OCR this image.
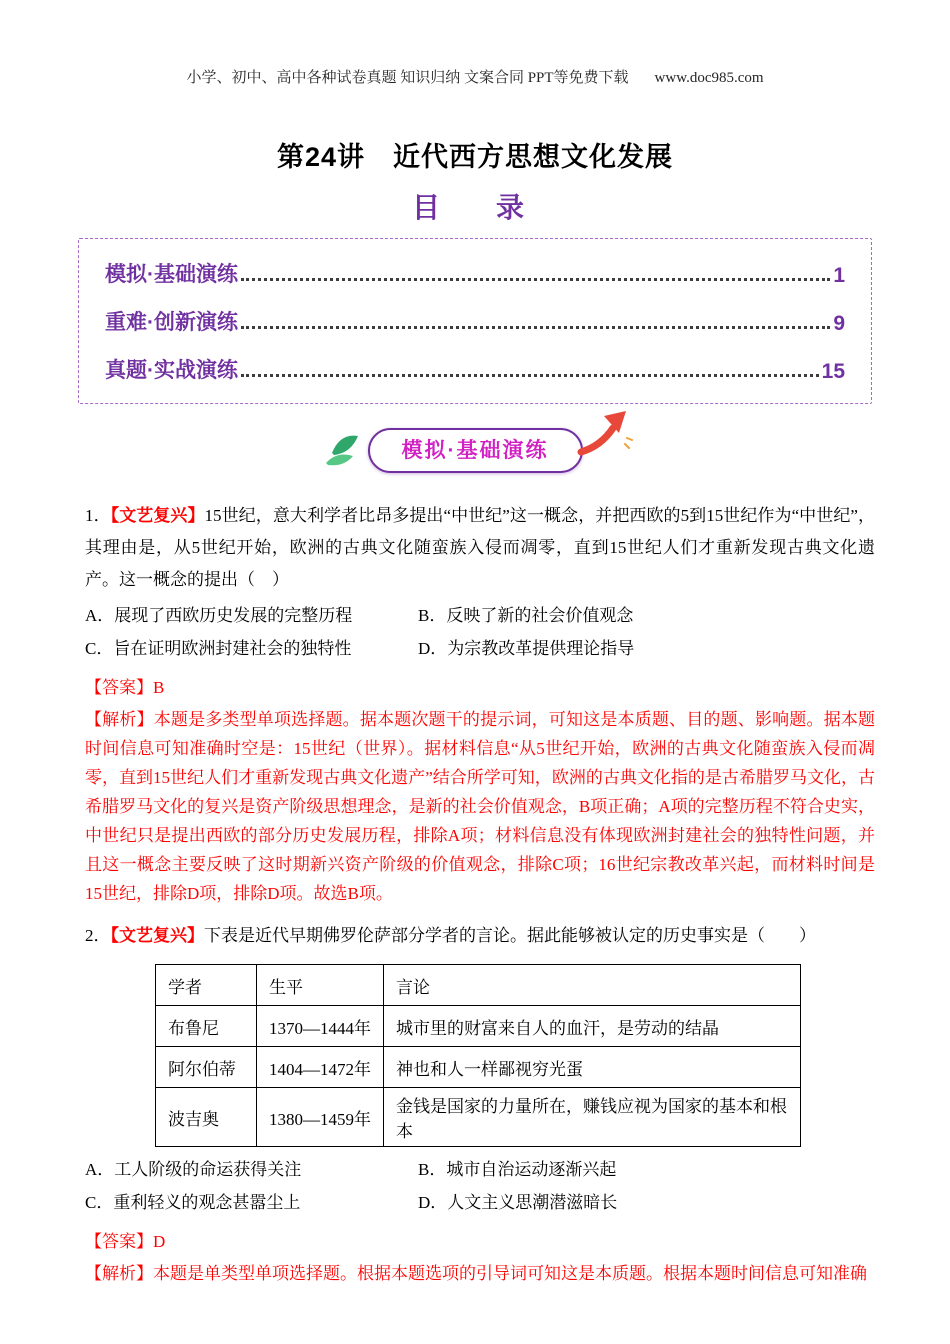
小学、初中、高中各种试卷真题 知识归纳 文案合同 PPT等免费下载 www.doc985.com
第24讲　近代西方思想文化发展
目　录
模拟·基础演练	1
重难·创新演练	9
真题·实战演练	15
模拟·基础演练

1．【文艺复兴】15世纪，意大利学者比昂多提出“中世纪”这一概念，并把西欧的5到15世纪作为“中世纪”，其理由是，从5世纪开始，欧洲的古典文化随蛮族入侵而凋零，直到15世纪人们才重新发现古典文化遗产。这一概念的提出（　）

A．展现了西欧历史发展的完整历程	B．反映了新的社会价值观念
C．旨在证明欧洲封建社会的独特性	D．为宗教改革提供理论指导

【答案】B

【解析】本题是多类型单项选择题。据本题次题干的提示词，可知这是本质题、目的题、影响题。据本题时间信息可知准确时空是：15世纪（世界）。据材料信息“从5世纪开始，欧洲的古典文化随蛮族入侵而凋零，直到15世纪人们才重新发现古典文化遗产”结合所学可知，欧洲的古典文化指的是古希腊罗马文化，古希腊罗马文化的复兴是资产阶级思想理念，是新的社会价值观念，B项正确；A项的完整历程不符合史实，中世纪只是提出西欧的部分历史发展历程，排除A项；材料信息没有体现欧洲封建社会的独特性问题，并且这一概念主要反映了这时期新兴资产阶级的价值观念，排除C项；16世纪宗教改革兴起，而材料时间是15世纪，排除D项，排除D项。故选B项。

2．【文艺复兴】下表是近代早期佛罗伦萨部分学者的言论。据此能够被认定的历史事实是（　　）

学者	生平	言论
布鲁尼	1370—1444年	城市里的财富来自人的血汗，是劳动的结晶
阿尔伯蒂	1404—1472年	神也和人一样鄙视穷光蛋
波吉奥	1380—1459年	金钱是国家的力量所在，赚钱应视为国家的基本和根本
A．工人阶级的命运获得关注	B．城市自治运动逐渐兴起
C．重利轻义的观念甚嚣尘上	D．人文主义思潮潜滋暗长

【答案】D

【解析】本题是单类型单项选择题。根据本题选项的引导词可知这是本质题。根据本题时间信息可知准确
